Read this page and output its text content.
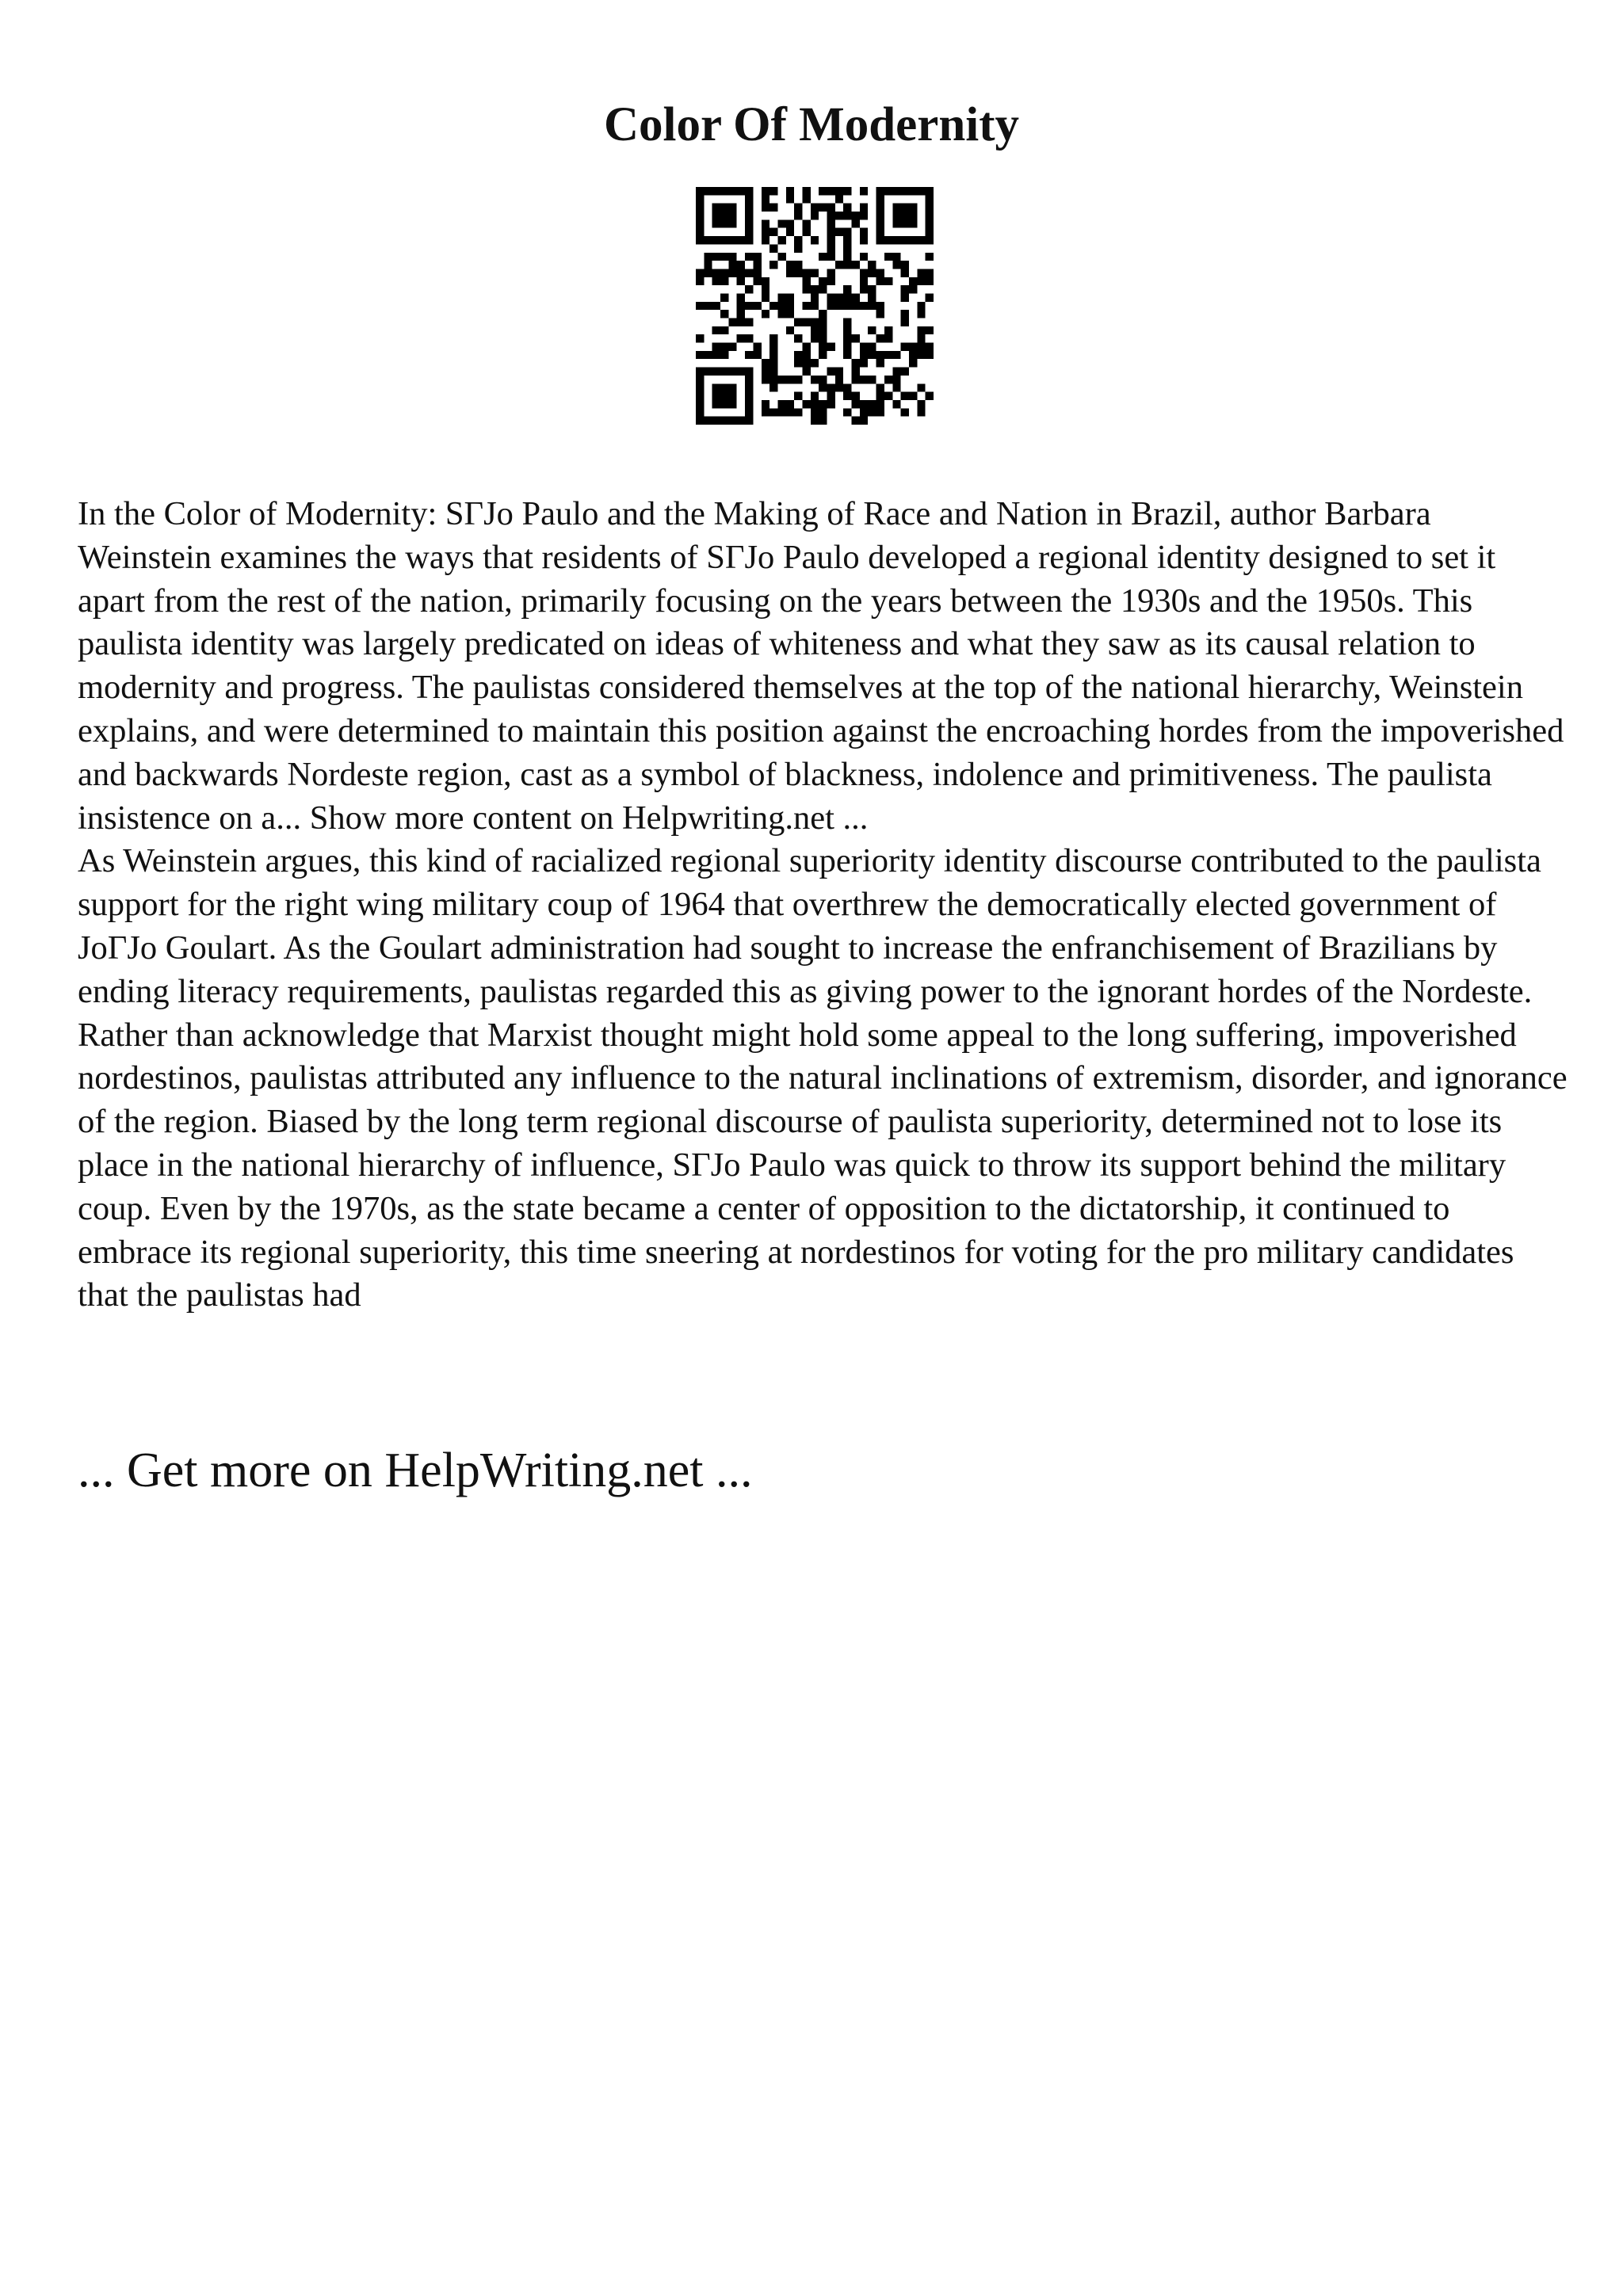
Color Of Modernity

In the Color of Modernity: SГЈo Paulo and the Making of Race and Nation in Brazil, author Barbara Weinstein examines the ways that residents of SГЈo Paulo developed a regional identity designed to set it apart from the rest of the nation, primarily focusing on the years between the 1930s and the 1950s. This paulista identity was largely predicated on ideas of whiteness and what they saw as its causal relation to modernity and progress. The paulistas considered themselves at the top of the national hierarchy, Weinstein explains, and were determined to maintain this position against the encroaching hordes from the impoverished and backwards Nordeste region, cast as a symbol of blackness, indolence and primitiveness. The paulista insistence on a... Show more content on Helpwriting.net ...

As Weinstein argues, this kind of racialized regional superiority identity discourse contributed to the paulista support for the right wing military coup of 1964 that overthrew the democratically elected government of JoГЈo Goulart. As the Goulart administration had sought to increase the enfranchisement of Brazilians by ending literacy requirements, paulistas regarded this as giving power to the ignorant hordes of the Nordeste. Rather than acknowledge that Marxist thought might hold some appeal to the long suffering, impoverished nordestinos, paulistas attributed any influence to the natural inclinations of extremism, disorder, and ignorance of the region. Biased by the long term regional discourse of paulista superiority, determined not to lose its place in the national hierarchy of influence, SГЈo Paulo was quick to throw its support behind the military coup. Even by the 1970s, as the state became a center of opposition to the dictatorship, it continued to embrace its regional superiority, this time sneering at nordestinos for voting for the pro military candidates that the paulistas had

... Get more on HelpWriting.net ...
